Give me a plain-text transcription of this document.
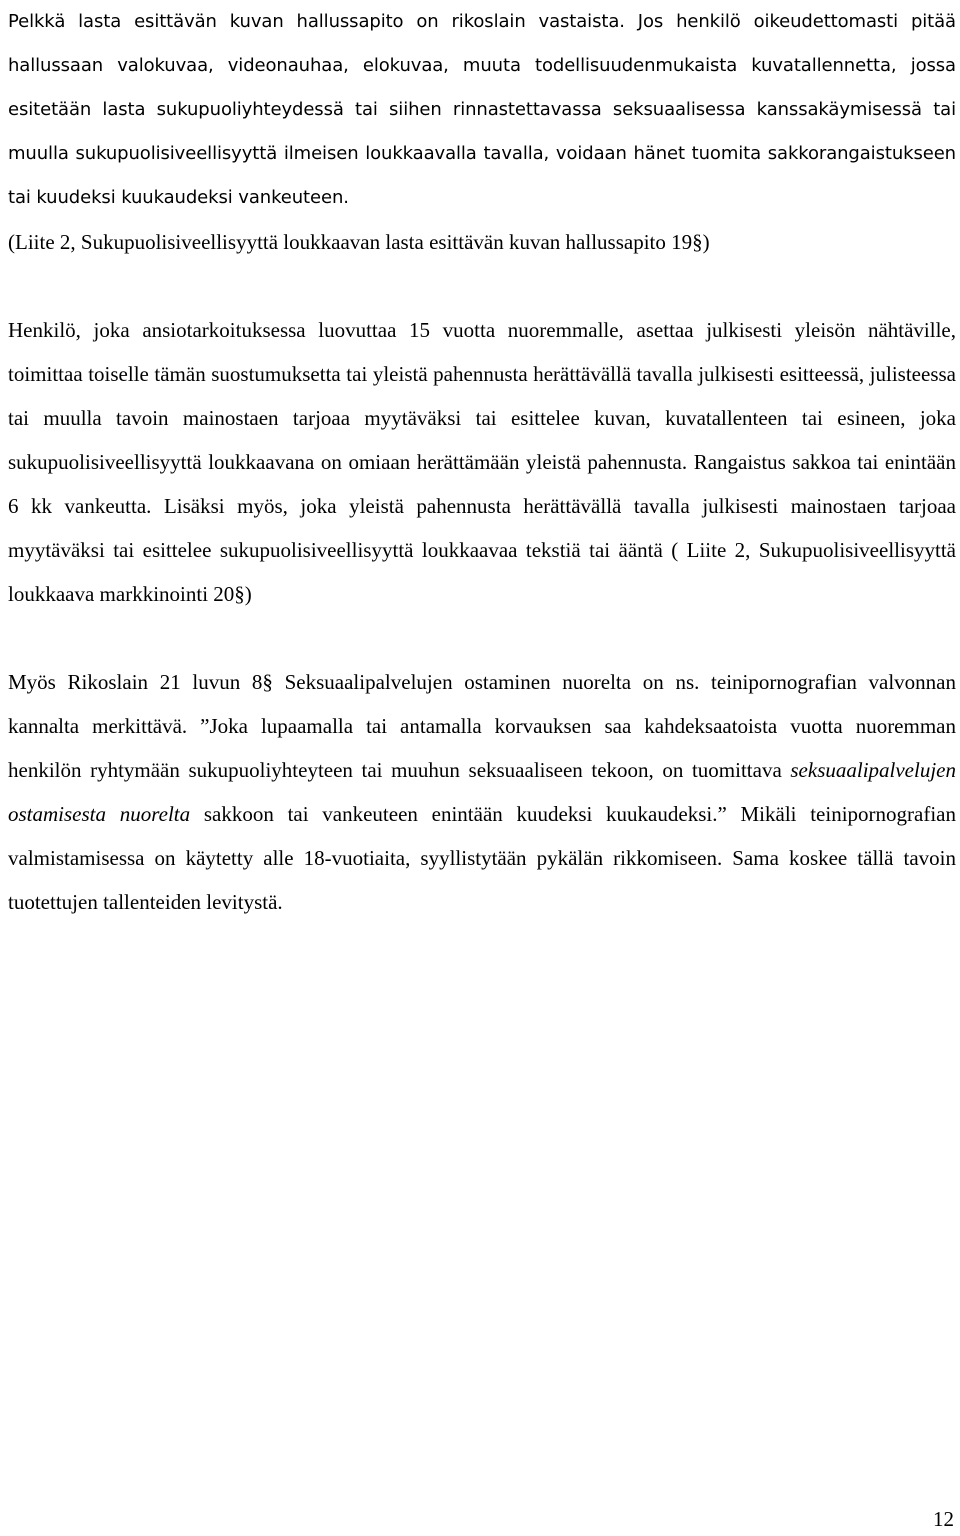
Pelkkä lasta esittävän kuvan hallussapito on rikoslain vastaista. Jos henkilö oikeudettomasti pitää hallussaan valokuvaa, videonauhaa, elokuvaa, muuta todellisuudenmukaista kuvatallennetta, jossa esitetään lasta sukupuoliyhteydessä tai siihen rinnastettavassa seksuaalisessa kanssakäymisessä tai muulla sukupuolisiveellisyyttä ilmeisen loukkaavalla tavalla, voidaan hänet tuomita sakkorangaistukseen tai kuudeksi kuukaudeksi vankeuteen.

(Liite 2, Sukupuolisiveellisyyttä loukkaavan lasta esittävän kuvan hallussapito 19§)

Henkilö, joka ansiotarkoituksessa luovuttaa 15 vuotta nuoremmalle, asettaa julkisesti yleisön nähtäville, toimittaa toiselle tämän suostumuksetta tai yleistä pahennusta herättävällä tavalla julkisesti esitteessä, julisteessa tai muulla tavoin mainostaen tarjoaa myytäväksi tai esittelee kuvan, kuvatallenteen tai esineen, joka sukupuolisiveellisyyttä loukkaavana on omiaan herättämään yleistä pahennusta. Rangaistus sakkoa tai enintään 6 kk vankeutta. Lisäksi myös, joka yleistä pahennusta herättävällä tavalla julkisesti mainostaen tarjoaa myytäväksi tai esittelee sukupuolisiveellisyyttä loukkaavaa tekstiä tai ääntä ( Liite 2, Sukupuolisiveellisyyttä loukkaava markkinointi 20§)

Myös Rikoslain 21 luvun 8§ Seksuaalipalvelujen ostaminen nuorelta on ns. teinipornografian valvonnan kannalta merkittävä. ”Joka lupaamalla tai antamalla korvauksen saa kahdeksaatoista vuotta nuoremman henkilön ryhtymään sukupuoliyhteyteen tai muuhun seksuaaliseen tekoon, on tuomittava seksuaalipalvelujen ostamisesta nuorelta sakkoon tai vankeuteen enintään kuudeksi kuukaudeksi.” Mikäli teinipornografian valmistamisessa on käytetty alle 18-vuotiaita, syyllistytään pykälän rikkomiseen. Sama koskee tällä tavoin tuotettujen tallenteiden levitystä.

12
